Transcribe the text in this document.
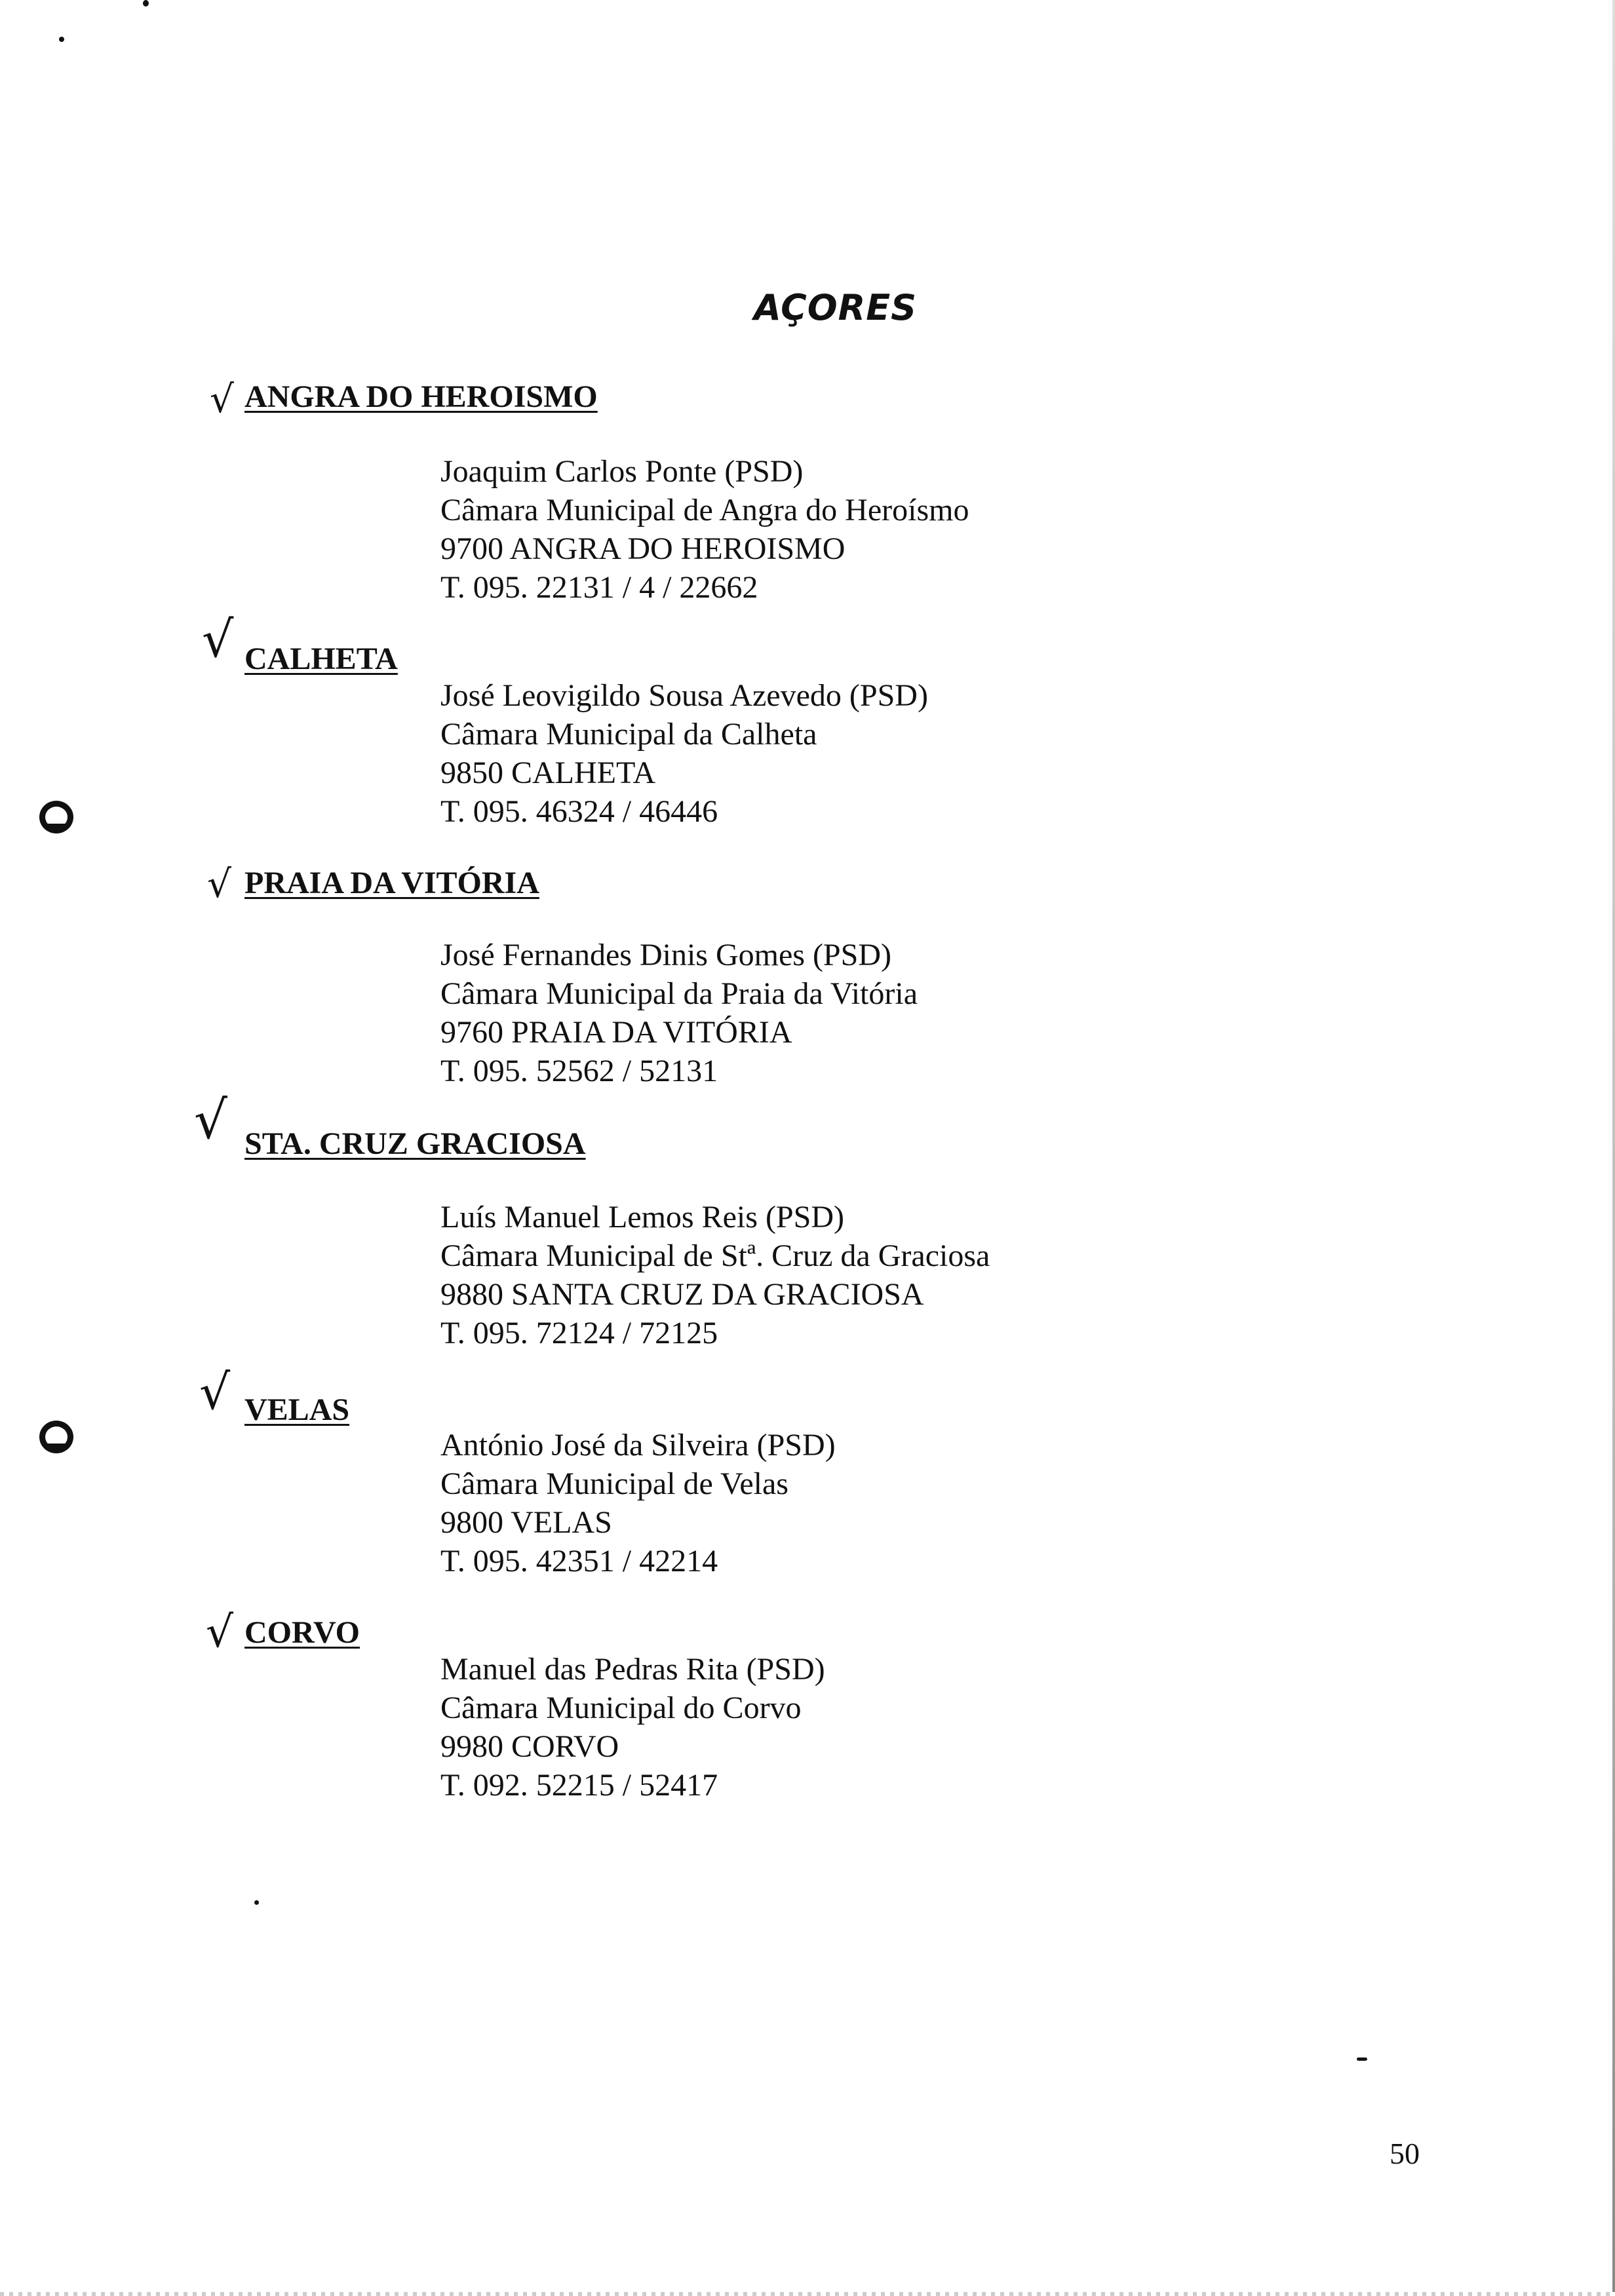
AÇORES
√ ANGRA DO HEROISMO
Joaquim Carlos Ponte (PSD)
Câmara Municipal de Angra do Heroísmo
9700 ANGRA DO HEROISMO
T. 095. 22131 / 4 / 22662
√ CALHETA
José Leovigildo Sousa Azevedo (PSD)
Câmara Municipal da Calheta
9850 CALHETA
T. 095. 46324 / 46446
√ PRAIA DA VITÓRIA
José Fernandes Dinis Gomes (PSD)
Câmara Municipal da Praia da Vitória
9760 PRAIA DA VITÓRIA
T. 095. 52562 / 52131
√ STA. CRUZ GRACIOSA
Luís Manuel Lemos Reis (PSD)
Câmara Municipal de Stª. Cruz da Graciosa
9880 SANTA CRUZ DA GRACIOSA
T. 095. 72124 / 72125
√ VELAS
António José da Silveira (PSD)
Câmara Municipal de Velas
9800 VELAS
T. 095. 42351 / 42214
√ CORVO
Manuel das Pedras Rita (PSD)
Câmara Municipal do Corvo
9980 CORVO
T. 092. 52215 / 52417
50
